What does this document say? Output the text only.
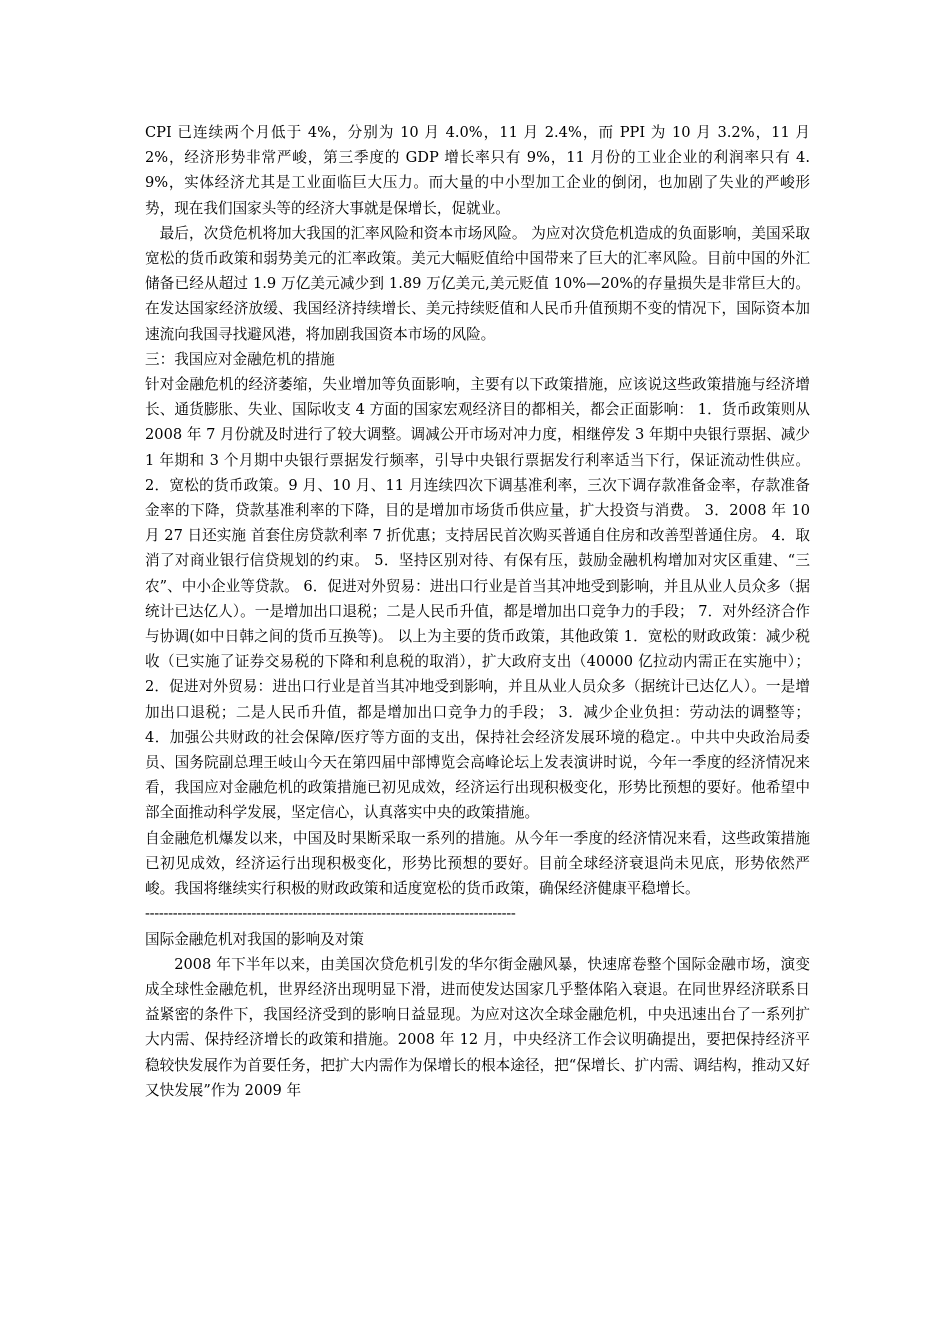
CPI 已连续两个月低于 4%，分别为 10 月 4.0%，11 月 2.4%，而 PPI 为 10 月 3.2%，11 月 2%，经济形势非常严峻，第三季度的 GDP 增长率只有 9%，11 月份的工业企业的利润率只有 4.9%，实体经济尤其是工业面临巨大压力。而大量的中小型加工企业的倒闭，也加剧了失业的严峻形势，现在我们国家头等的经济大事就是保增长，促就业。

最后，次贷危机将加大我国的汇率风险和资本市场风险。 为应对次贷危机造成的负面影响，美国采取宽松的货币政策和弱势美元的汇率政策。美元大幅贬值给中国带来了巨大的汇率风险。目前中国的外汇储备已经从超过 1.9 万亿美元减少到 1.89 万亿美元,美元贬值 10%—20%的存量损失是非常巨大的。在发达国家经济放缓、我国经济持续增长、美元持续贬值和人民币升值预期不变的情况下，国际资本加速流向我国寻找避风港，将加剧我国资本市场的风险。

三：我国应对金融危机的措施

针对金融危机的经济萎缩，失业增加等负面影响，主要有以下政策措施，应该说这些政策措施与经济增长、通货膨胀、失业、国际收支 4 方面的国家宏观经济目的都相关，都会正面影响： 1．货币政策则从 2008 年 7 月份就及时进行了较大调整。调减公开市场对冲力度，相继停发 3 年期中央银行票据、减少 1 年期和 3 个月期中央银行票据发行频率，引导中央银行票据发行利率适当下行，保证流动性供应。 2．宽松的货币政策。9 月、10 月、11 月连续四次下调基准利率，三次下调存款准备金率，存款准备金率的下降，贷款基准利率的下降，目的是增加市场货币供应量，扩大投资与消费。 3．2008 年 10 月 27 日还实施 首套住房贷款利率 7 折优惠；支持居民首次购买普通自住房和改善型普通住房。 4．取消了对商业银行信贷规划的约束。 5．坚持区别对待、有保有压，鼓励金融机构增加对灾区重建、“三农”、中小企业等贷款。 6．促进对外贸易：进出口行业是首当其冲地受到影响，并且从业人员众多（据统计已达亿人）。一是增加出口退税；二是人民币升值，都是增加出口竞争力的手段； 7．对外经济合作与协调(如中日韩之间的货币互换等)。 以上为主要的货币政策，其他政策 1．宽松的财政政策：减少税收（已实施了证券交易税的下降和利息税的取消），扩大政府支出（40000 亿拉动内需正在实施中）； 2．促进对外贸易：进出口行业是首当其冲地受到影响，并且从业人员众多（据统计已达亿人）。一是增加出口退税；二是人民币升值，都是增加出口竞争力的手段； 3．减少企业负担：劳动法的调整等； 4．加强公共财政的社会保障/医疗等方面的支出，保持社会经济发展环境的稳定.。中共中央政治局委员、国务院副总理王岐山今天在第四届中部博览会高峰论坛上发表演讲时说，今年一季度的经济情况来看，我国应对金融危机的政策措施已初见成效，经济运行出现积极变化，形势比预想的要好。他希望中部全面推动科学发展，坚定信心，认真落实中央的政策措施。

自金融危机爆发以来，中国及时果断采取一系列的措施。从今年一季度的经济情况来看，这些政策措施已初见成效，经济运行出现积极变化，形势比预想的要好。目前全球经济衰退尚未见底，形势依然严峻。我国将继续实行积极的财政政策和适度宽松的货币政策，确保经济健康平稳增长。

--------------------------------------------------------------------------------

国际金融危机对我国的影响及对策

2008 年下半年以来，由美国次贷危机引发的华尔街金融风暴，快速席卷整个国际金融市场，演变成全球性金融危机，世界经济出现明显下滑，进而使发达国家几乎整体陷入衰退。在同世界经济联系日益紧密的条件下，我国经济受到的影响日益显现。为应对这次全球金融危机，中央迅速出台了一系列扩大内需、保持经济增长的政策和措施。2008 年 12 月，中央经济工作会议明确提出，要把保持经济平稳较快发展作为首要任务，把扩大内需作为保增长的根本途径，把“保增长、扩内需、调结构，推动又好又快发展”作为 2009 年
